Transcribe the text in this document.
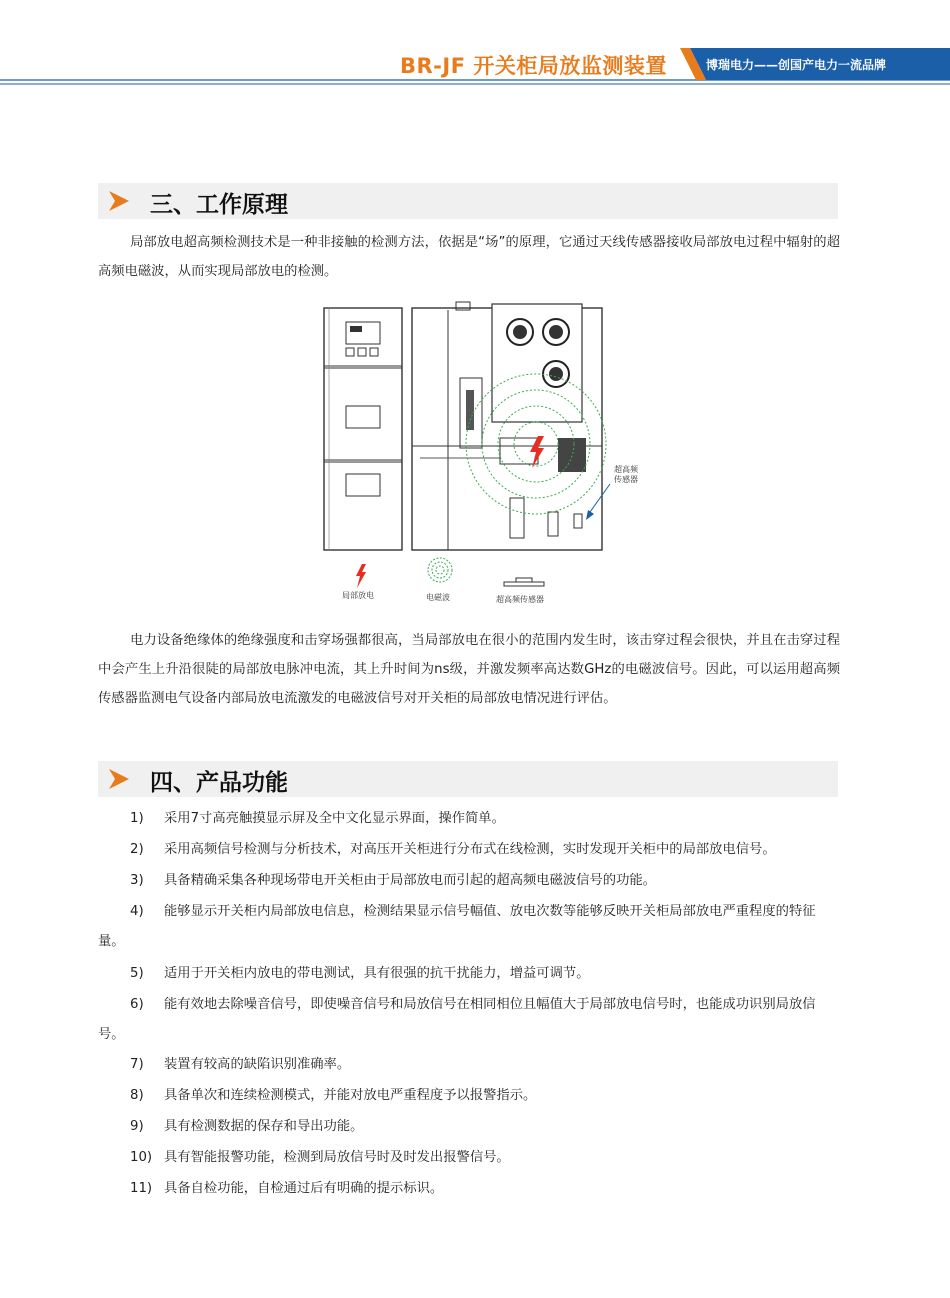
BR-JF 开关柜局放监测装置	博瑞电力——创国产电力一流品牌
三、工作原理
局部放电超高频检测技术是一种非接触的检测方法，依据是“场”的原理，它通过天线传感器接收局部放电过程中辐射的超高频电磁波，从而实现局部放电的检测。
超高频
传感器
局部放电	电磁波	超高频传感器
电力设备绝缘体的绝缘强度和击穿场强都很高，当局部放电在很小的范围内发生时，该击穿过程会很快，并且在击穿过程中会产生上升沿很陡的局部放电脉冲电流，其上升时间为ns级，并激发频率高达数GHz的电磁波信号。因此，可以运用超高频传感器监测电气设备内部局放电流激发的电磁波信号对开关柜的局部放电情况进行评估。
四、产品功能
1) 采用7寸高亮触摸显示屏及全中文化显示界面，操作简单。
2) 采用高频信号检测与分析技术，对高压开关柜进行分布式在线检测，实时发现开关柜中的局部放电信号。
3) 具备精确采集各种现场带电开关柜由于局部放电而引起的超高频电磁波信号的功能。
4) 能够显示开关柜内局部放电信息，检测结果显示信号幅值、放电次数等能够反映开关柜局部放电严重程度的特征量。
5) 适用于开关柜内放电的带电测试，具有很强的抗干扰能力，增益可调节。
6) 能有效地去除噪音信号，即使噪音信号和局放信号在相同相位且幅值大于局部放电信号时，也能成功识别局放信号。
7) 装置有较高的缺陷识别准确率。
8) 具备单次和连续检测模式，并能对放电严重程度予以报警指示。
9) 具有检测数据的保存和导出功能。
10) 具有智能报警功能，检测到局放信号时及时发出报警信号。
11) 具备自检功能，自检通过后有明确的提示标识。
